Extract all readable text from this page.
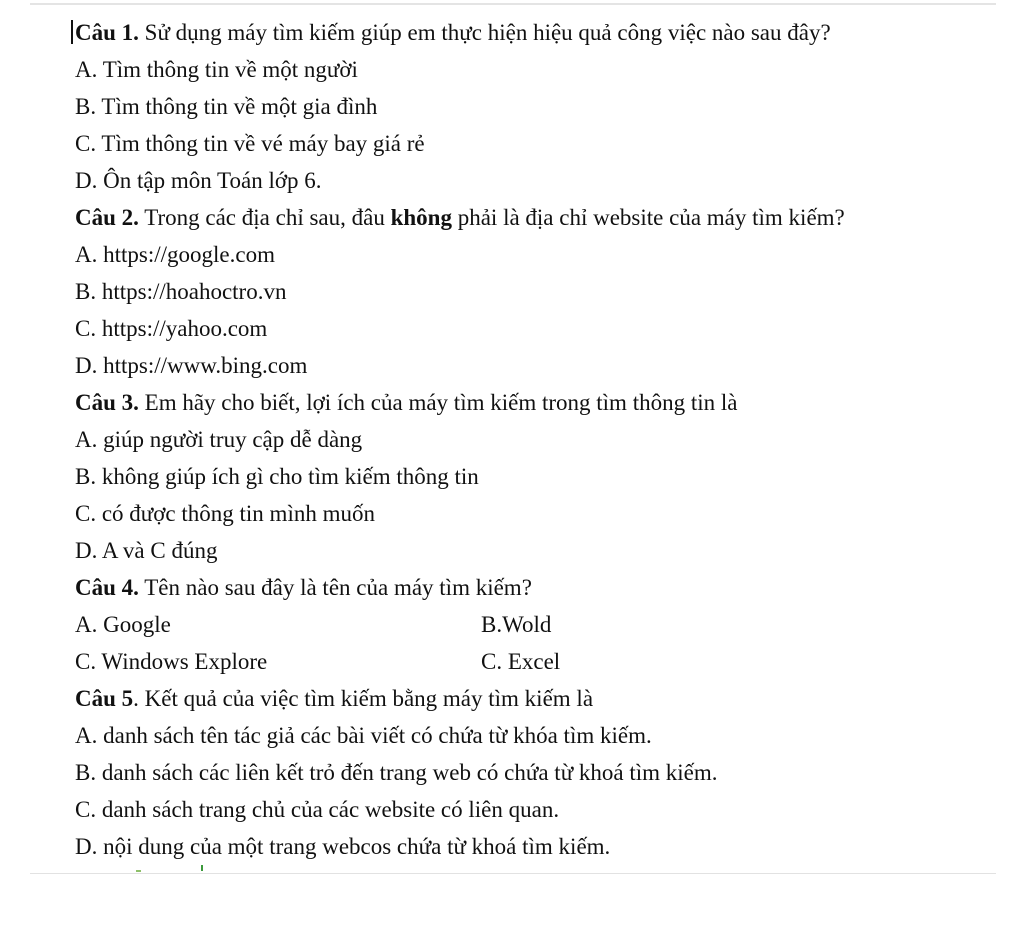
Câu 1. Sử dụng máy tìm kiếm giúp em thực hiện hiệu quả công việc nào sau đây?
A. Tìm thông tin về một người
B. Tìm thông tin về một gia đình
C. Tìm thông tin về vé máy bay giá rẻ
D. Ôn tập môn Toán lớp 6.
Câu 2. Trong các địa chỉ sau, đâu không phải là địa chỉ website của máy tìm kiếm?
A. https://google.com
B. https://hoahoctro.vn
C. https://yahoo.com
D. https://www.bing.com
Câu 3. Em hãy cho biết, lợi ích của máy tìm kiếm trong tìm thông tin là
A. giúp người truy cập dễ dàng
B. không giúp ích gì cho tìm kiếm thông tin
C. có được thông tin mình muốn
D. A và C đúng
Câu 4. Tên nào sau đây là tên của máy tìm kiếm?
A. Google	B.Wold
C. Windows Explore	C. Excel
Câu 5. Kết quả của việc tìm kiếm bằng máy tìm kiếm là
A. danh sách tên tác giả các bài viết có chứa từ khóa tìm kiếm.
B. danh sách các liên kết trỏ đến trang web có chứa từ khoá tìm kiếm.
C. danh sách trang chủ của các website có liên quan.
D. nội dung của một trang webcos chứa từ khoá tìm kiếm.
